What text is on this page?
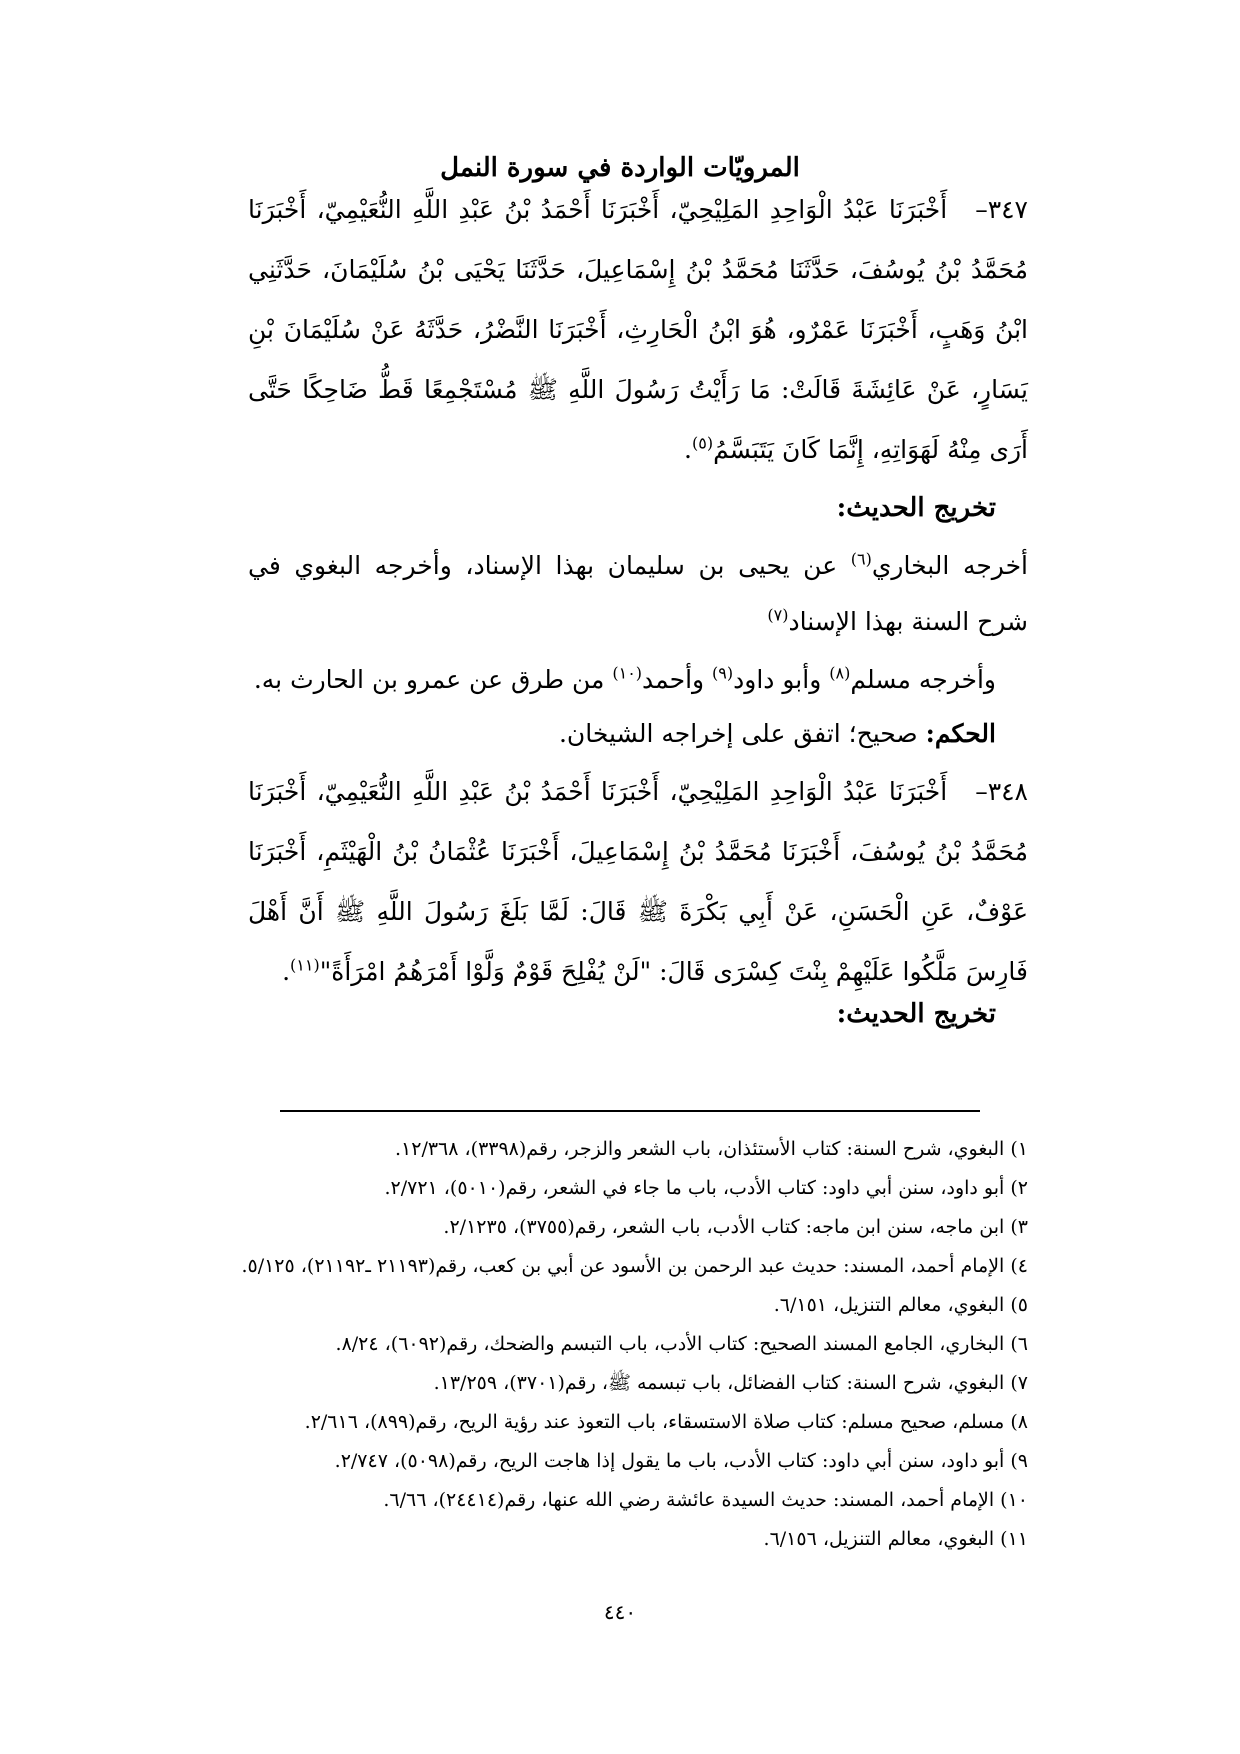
المرويّات الواردة في سورة النمل
٣٤٧–أَخْبَرَنَا عَبْدُ الْوَاحِدِ المَلِيْحِيّ، أَخْبَرَنَا أَحْمَدُ بْنُ عَبْدِ اللَّهِ النُّعَيْمِيّ، أَخْبَرَنَا مُحَمَّدُ بْنُ يُوسُفَ، حَدَّثَنَا مُحَمَّدُ بْنُ إِسْمَاعِيلَ، حَدَّثَنَا يَحْيَى بْنُ سُلَيْمَانَ، حَدَّثَنِي ابْنُ وَهَبٍ، أَخْبَرَنَا عَمْرٌو، هُوَ ابْنُ الْحَارِثِ، أَخْبَرَنَا النَّضْرُ، حَدَّثَهُ عَنْ سُلَيْمَانَ بْنِ يَسَارٍ، عَنْ عَائِشَةَ قَالَتْ: مَا رَأَيْتُ رَسُولَ اللَّهِ ﷺ مُسْتَجْمِعًا قَطُّ ضَاحِكًا حَتَّى أَرَى مِنْهُ لَهَوَاتِهِ، إِنَّمَا كَانَ يَتَبَسَّمُ$^{(٥)}$.
تخريج الحديث:
أخرجه البخاري$^{(٦)}$ عن يحيى بن سليمان بهذا الإسناد، وأخرجه البغوي في شرح السنة بهذا الإسناد$^{(٧)}$
وأخرجه مسلم$^{(٨)}$ وأبو داود$^{(٩)}$ وأحمد$^{(١٠)}$ من طرق عن عمرو بن الحارث به.
الحكم: صحيح؛ اتفق على إخراجه الشيخان.
٣٤٨–أَخْبَرَنَا عَبْدُ الْوَاحِدِ المَلِيْحِيّ، أَخْبَرَنَا أَحْمَدُ بْنُ عَبْدِ اللَّهِ النُّعَيْمِيّ، أَخْبَرَنَا مُحَمَّدُ بْنُ يُوسُفَ، أَخْبَرَنَا مُحَمَّدُ بْنُ إِسْمَاعِيلَ، أَخْبَرَنَا عُثْمَانُ بْنُ الْهَيْثَمِ، أَخْبَرَنَا عَوْفٌ، عَنِ الْحَسَنِ، عَنْ أَبِي بَكْرَةَ ﷺ قَالَ: لَمَّا بَلَغَ رَسُولَ اللَّهِ ﷺ أَنَّ أَهْلَ فَارِسَ مَلَّكُوا عَلَيْهِمْ بِنْتَ كِسْرَى قَالَ: "لَنْ يُفْلِحَ قَوْمٌ وَلَّوْا أَمْرَهُمُ امْرَأَةً"$^{(١١)}$.
تخريج الحديث:
١) البغوي، شرح السنة: كتاب الأستئذان، باب الشعر والزجر، رقم(٣٣٩٨)، ١٢/٣٦٨.
٢) أبو داود، سنن أبي داود: كتاب الأدب، باب ما جاء في الشعر، رقم(٥٠١٠)، ٢/٧٢١.
٣) ابن ماجه، سنن ابن ماجه: كتاب الأدب، باب الشعر، رقم(٣٧٥٥)، ٢/١٢٣٥.
٤) الإمام أحمد، المسند: حديث عبد الرحمن بن الأسود عن أبي بن كعب، رقم(٢١١٩٣ ـ٢١١٩٢)، ٥/١٢٥.
٥) البغوي، معالم التنزيل، ٦/١٥١.
٦) البخاري، الجامع المسند الصحيح: كتاب الأدب، باب التبسم والضحك، رقم(٦٠٩٢)، ٨/٢٤.
٧) البغوي، شرح السنة: كتاب الفضائل، باب تبسمه ﷺ، رقم(٣٧٠١)، ١٣/٢٥٩.
٨) مسلم، صحيح مسلم: كتاب صلاة الاستسقاء، باب التعوذ عند رؤية الريح، رقم(٨٩٩)، ٢/٦١٦.
٩) أبو داود، سنن أبي داود: كتاب الأدب، باب ما يقول إذا هاجت الريح، رقم(٥٠٩٨)، ٢/٧٤٧.
١٠) الإمام أحمد، المسند: حديث السيدة عائشة رضي الله عنها، رقم(٢٤٤١٤)، ٦/٦٦.
١١) البغوي، معالم التنزيل، ٦/١٥٦.
٤٤٠
